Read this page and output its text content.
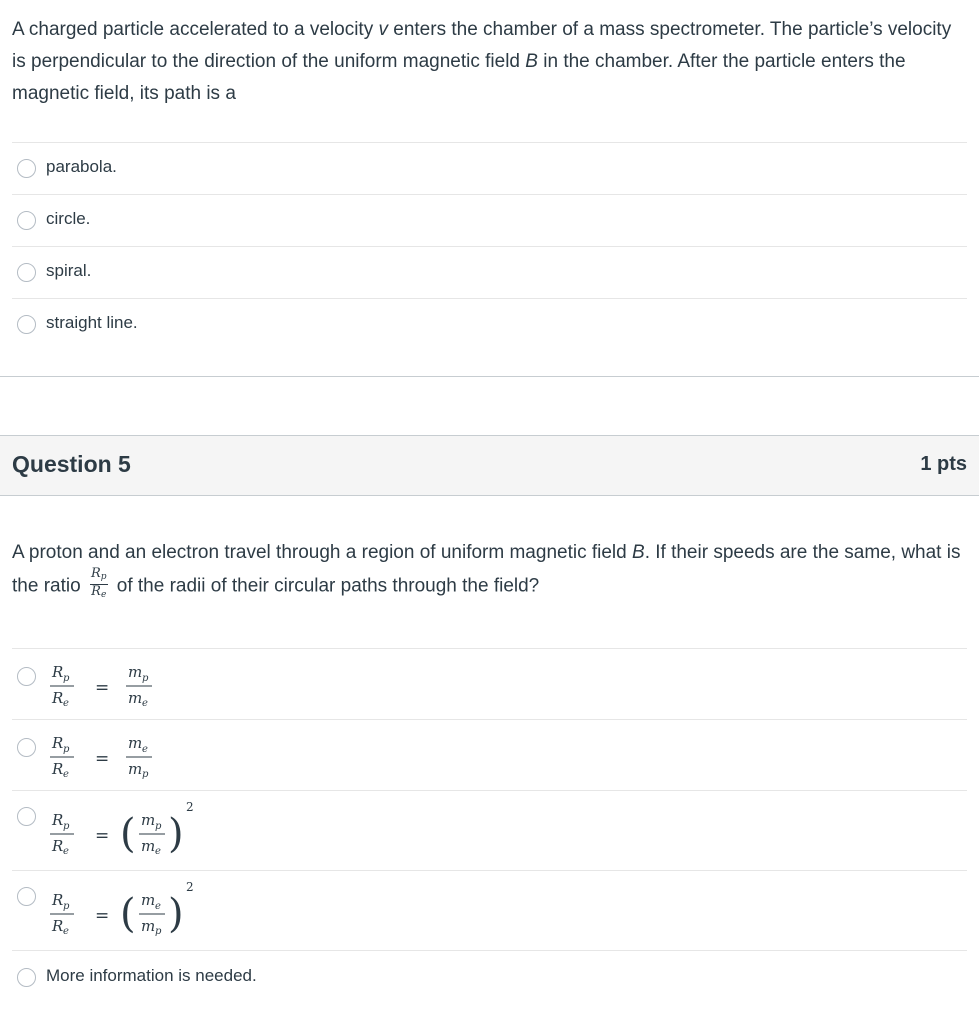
A charged particle accelerated to a velocity v enters the chamber of a mass spectrometer. The particle’s velocity is perpendicular to the direction of the uniform magnetic field B in the chamber. After the particle enters the magnetic field, its path is a
parabola.
circle.
spiral.
straight line.
Question 5	1 pts
A proton and an electron travel through a region of uniform magnetic field B. If their speeds are the same, what is the ratio $\frac{R_p}{R_e}$ of the radii of their circular paths through the field?
R p
R e
=
m p
m e
R p
R e
=
m e
m p
R p
R e
= ( m p
m e )
2
R p
R e
= ( m e
m p )
2
More information is needed.
